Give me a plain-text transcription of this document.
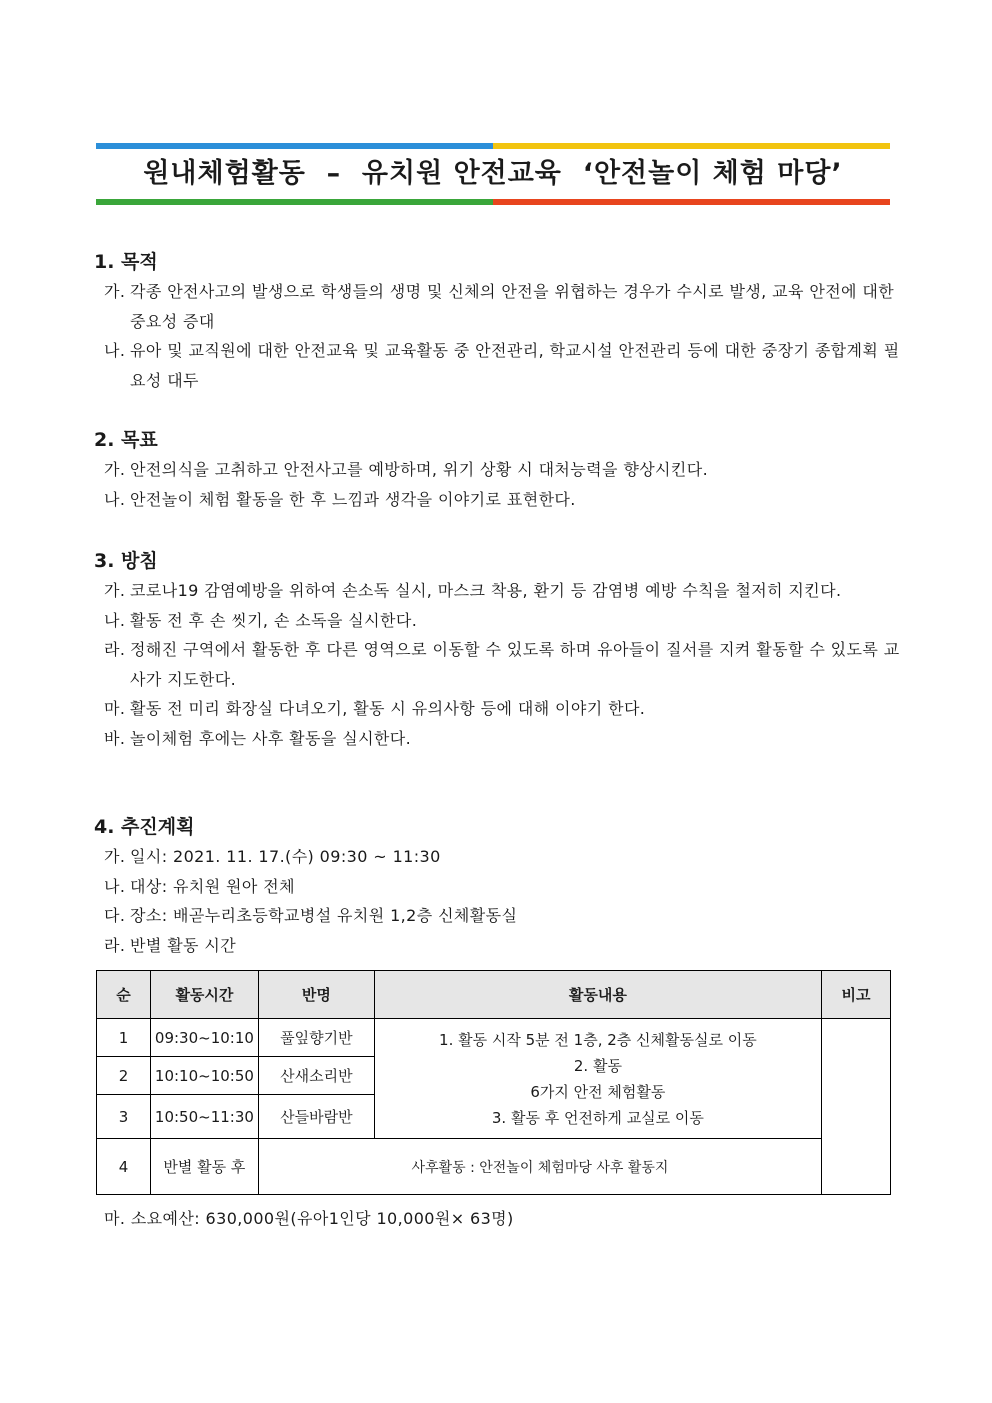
원내체험활동  –  유치원 안전교육  ‘안전놀이 체험 마당’
1. 목적
가. 각종 안전사고의 발생으로 학생들의 생명 및 신체의 안전을 위협하는 경우가 수시로 발생, 교육 안전에 대한 중요성 증대
나. 유아 및 교직원에 대한 안전교육 및 교육활동 중 안전관리, 학교시설 안전관리 등에 대한 중장기 종합계획 필요성 대두
2. 목표
가. 안전의식을 고취하고 안전사고를 예방하며, 위기 상황 시 대처능력을 향상시킨다.
나. 안전놀이 체험 활동을 한 후 느낌과 생각을 이야기로 표현한다.
3. 방침
가. 코로나19 감염예방을 위하여 손소독 실시, 마스크 착용, 환기 등 감염병 예방 수칙을 철저히 지킨다.
나. 활동 전 후 손 씻기, 손 소독을 실시한다.
라. 정해진 구역에서 활동한 후 다른 영역으로 이동할 수 있도록 하며 유아들이 질서를 지켜 활동할 수 있도록 교사가 지도한다.
마. 활동 전 미리 화장실 다녀오기, 활동 시 유의사항 등에 대해 이야기 한다.
바. 놀이체험 후에는 사후 활동을 실시한다.
4. 추진계획
가. 일시: 2021. 11. 17.(수) 09:30 ~ 11:30
나. 대상: 유치원 원아 전체
다. 장소: 배곧누리초등학교병설 유치원 1,2층 신체활동실
라. 반별 활동 시간
순	활동시간	반명	활동내용	비고
1	09:30~10:10	풀잎향기반	1. 활동 시작 5분 전 1층, 2층 신체활동실로 이동
2. 활동
6가지 안전 체험활동
3. 활동 후 언전하게 교실로 이동	

2	10:10~10:50	산새소리반		
3	10:50~11:30	산들바람반		
4	반별 활동 후	사후활동 : 안전놀이 체험마당 사후 활동지		
마. 소요예산: 630,000원(유아1인당 10,000원× 63명)
